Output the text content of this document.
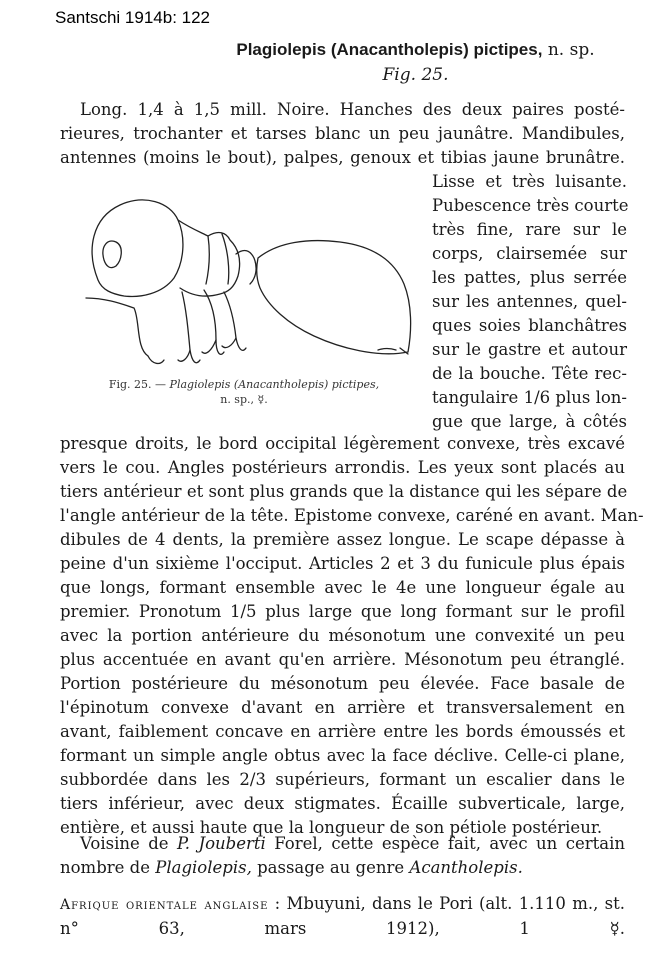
Santschi 1914b: 122
Plagiolepis (Anacantholepis) pictipes, n. sp.
Fig. 25.
Long. 1,4 à 1,5 mill. Noire. Hanches des deux paires posté-
rieures, trochanter et tarses blanc un peu jaunâtre. Mandibules,
antennes (moins le bout), palpes, genoux et tibias jaune brunâtre.
Lisse et très luisante.
Pubescence très courte
très fine, rare sur le
corps, clairsemée sur
les pattes, plus serrée
sur les antennes, quel-
ques soies blanchâtres
sur le gastre et autour
de la bouche. Tête rec-
tangulaire 1/6 plus lon-
gue que large, à côtés
Fig. 25. — Plagiolepis (Anacantholepis) pictipes,
n. sp., ☿.
presque droits, le bord occipital légèrement convexe, très excavé
vers le cou. Angles postérieurs arrondis. Les yeux sont placés au
tiers antérieur et sont plus grands que la distance qui les sépare de
l'angle antérieur de la tête. Epistome convexe, caréné en avant. Man-
dibules de 4 dents, la première assez longue. Le scape dépasse à
peine d'un sixième l'occiput. Articles 2 et 3 du funicule plus épais
que longs, formant ensemble avec le 4e une longueur égale au
premier. Pronotum 1/5 plus large que long formant sur le profil
avec la portion antérieure du mésonotum une convexité un peu
plus accentuée en avant qu'en arrière. Mésonotum peu étranglé.
Portion postérieure du mésonotum peu élevée. Face basale de
l'épinotum convexe d'avant en arrière et transversalement en
avant, faiblement concave en arrière entre les bords émoussés et
formant un simple angle obtus avec la face déclive. Celle-ci plane,
subbordée dans les 2/3 supérieurs, formant un escalier dans le
tiers inférieur, avec deux stigmates. Écaille subverticale, large,
entière, et aussi haute que la longueur de son pétiole postérieur.
Voisine de P. Jouberti Forel, cette espèce fait, avec un certain
nombre de Plagiolepis, passage au genre Acantholepis.
Afrique orientale anglaise : Mbuyuni, dans le Pori (alt. 1.110 m., st. n° 63, mars 1912), 1 ☿.
